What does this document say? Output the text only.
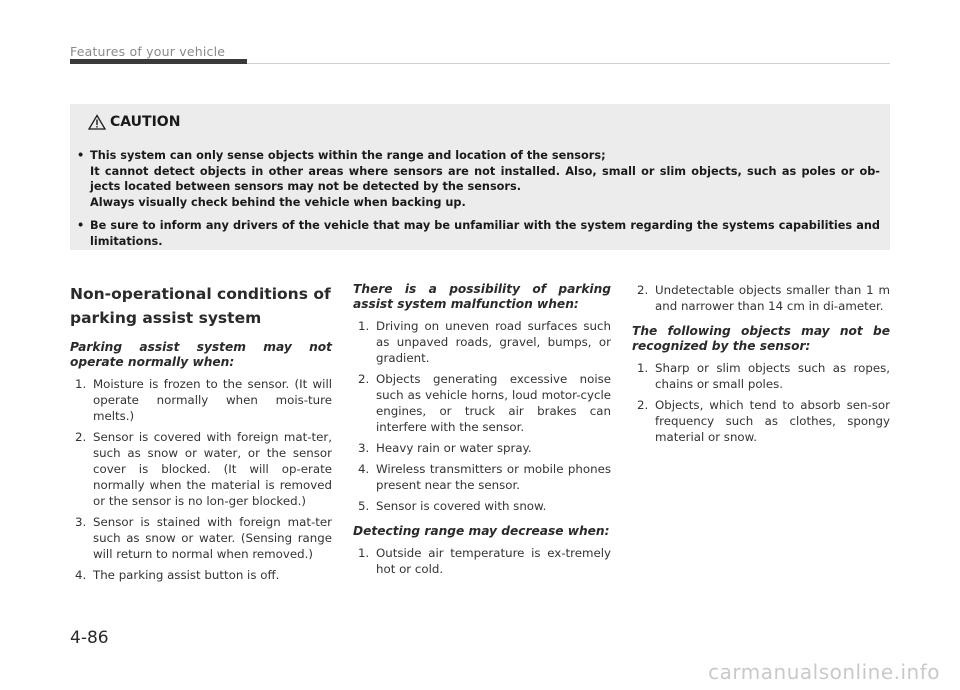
Features of your vehicle
CAUTION
• This system can only sense objects within the range and location of the sensors;

It cannot detect objects in other areas where sensors are not installed. Also, small or slim objects, such as poles or ob-jects located between sensors may not be detected by the sensors.

Always visually check behind the vehicle when backing up.

• Be sure to inform any drivers of the vehicle that may be unfamiliar with the system regarding the systems capabilities and limitations.

Non-operational conditions of parking assist system
Parking assist system may not operate normally when:
1. Moisture is frozen to the sensor. (It will operate normally when mois-ture melts.)
2. Sensor is covered with foreign mat-ter, such as snow or water, or the sensor cover is blocked. (It will op-erate normally when the material is removed or the sensor is no lon-ger blocked.)
3. Sensor is stained with foreign mat-ter such as snow or water. (Sensing range will return to normal when removed.)
4. The parking assist button is off.
There is a possibility of parking assist system malfunction when:
1. Driving on uneven road surfaces such as unpaved roads, gravel, bumps, or gradient.
2. Objects generating excessive noise such as vehicle horns, loud motor-cycle engines, or truck air brakes can interfere with the sensor.
3. Heavy rain or water spray.
4. Wireless transmitters or mobile phones present near the sensor.
5. Sensor is covered with snow.
Detecting range may decrease when:
1. Outside air temperature is ex-tremely hot or cold.
2. Undetectable objects smaller than 1 m and narrower than 14 cm in di-ameter.
The following objects may not be recognized by the sensor:
1. Sharp or slim objects such as ropes, chains or small poles.
2. Objects, which tend to absorb sen-sor frequency such as clothes, spongy material or snow.
4-86
carmanualsonline.info
